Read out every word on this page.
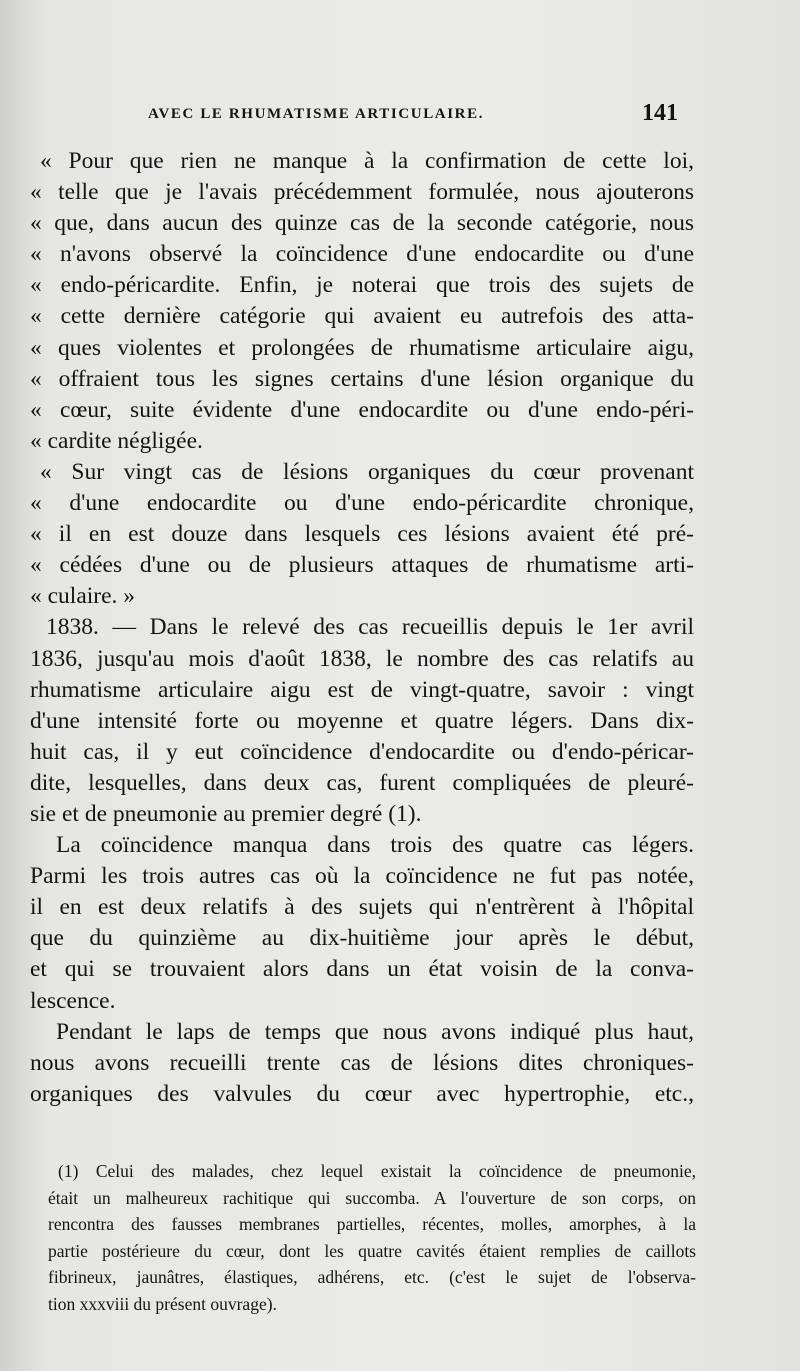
AVEC LE RHUMATISME ARTICULAIRE.	141
« Pour que rien ne manque à la confirmation de cette loi,
« telle que je l'avais précédemment formulée, nous ajouterons
« que, dans aucun des quinze cas de la seconde catégorie, nous
« n'avons observé la coïncidence d'une endocardite ou d'une
« endo-péricardite. Enfin, je noterai que trois des sujets de
« cette dernière catégorie qui avaient eu autrefois des atta-
« ques violentes et prolongées de rhumatisme articulaire aigu,
« offraient tous les signes certains d'une lésion organique du
« cœur, suite évidente d'une endocardite ou d'une endo-péri-
« cardite négligée.
« Sur vingt cas de lésions organiques du cœur provenant
« d'une endocardite ou d'une endo-péricardite chronique,
« il en est douze dans lesquels ces lésions avaient été pré-
« cédées d'une ou de plusieurs attaques de rhumatisme arti-
« culaire. »
1838. — Dans le relevé des cas recueillis depuis le 1er avril
1836, jusqu'au mois d'août 1838, le nombre des cas relatifs au
rhumatisme articulaire aigu est de vingt-quatre, savoir : vingt
d'une intensité forte ou moyenne et quatre légers. Dans dix-
huit cas, il y eut coïncidence d'endocardite ou d'endo-péricar-
dite, lesquelles, dans deux cas, furent compliquées de pleuré-
sie et de pneumonie au premier degré (1).
La coïncidence manqua dans trois des quatre cas légers.
Parmi les trois autres cas où la coïncidence ne fut pas notée,
il en est deux relatifs à des sujets qui n'entrèrent à l'hôpital
que du quinzième au dix-huitième jour après le début,
et qui se trouvaient alors dans un état voisin de la conva-
lescence.
Pendant le laps de temps que nous avons indiqué plus haut,
nous avons recueilli trente cas de lésions dites chroniques-
organiques des valvules du cœur avec hypertrophie, etc.,
(1) Celui des malades, chez lequel existait la coïncidence de pneumonie,
était un malheureux rachitique qui succomba. A l'ouverture de son corps, on
rencontra des fausses membranes partielles, récentes, molles, amorphes, à la
partie postérieure du cœur, dont les quatre cavités étaient remplies de caillots
fibrineux, jaunâtres, élastiques, adhérens, etc. (c'est le sujet de l'observa-
tion xxxviii du présent ouvrage).
